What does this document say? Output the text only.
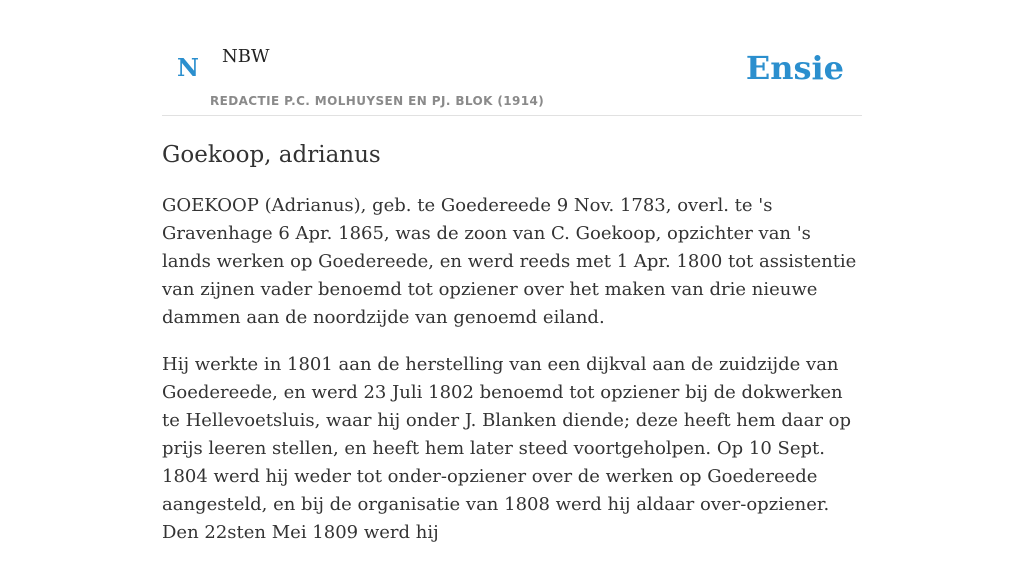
N NBW
REDACTIE P.C. MOLHUYSEN EN PJ. BLOK (1914)
Ensie
Goekoop, adrianus

GOEKOOP (Adrianus), geb. te Goedereede 9 Nov. 1783, overl. te 's Gravenhage 6 Apr. 1865, was de zoon van C. Goekoop, opzichter van 's lands werken op Goedereede, en werd reeds met 1 Apr. 1800 tot assistentie van zijnen vader benoemd tot opziener over het maken van drie nieuwe dammen aan de noordzijde van genoemd eiland.

Hij werkte in 1801 aan de herstelling van een dijkval aan de zuidzijde van Goedereede, en werd 23 Juli 1802 benoemd tot opziener bij de dokwerken te Hellevoetsluis, waar hij onder J. Blanken diende; deze heeft hem daar op prijs leeren stellen, en heeft hem later steed voortgeholpen. Op 10 Sept. 1804 werd hij weder tot onder-opziener over de werken op Goedereede aangesteld, en bij de organisatie van 1808 werd hij aldaar over-opziener. Den 22sten Mei 1809 werd hij
